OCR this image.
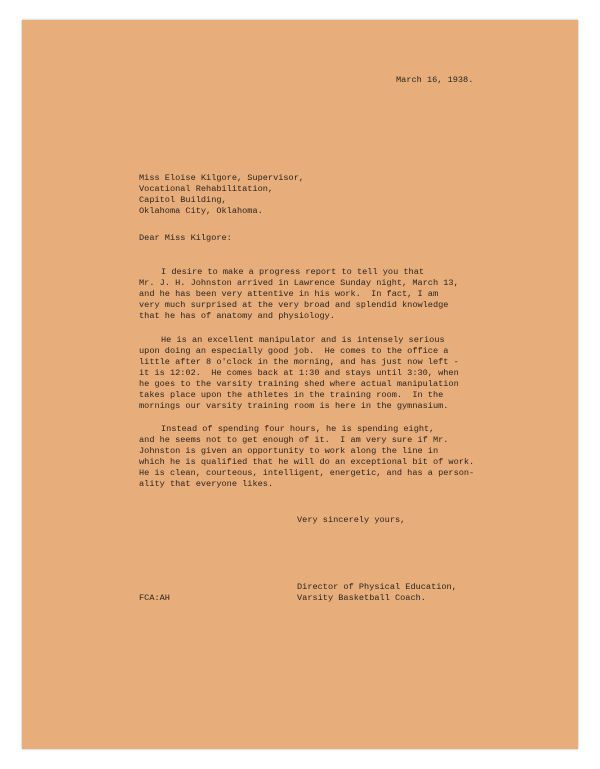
March 16, 1938.
Miss Eloise Kilgore, Supervisor,
Vocational Rehabilitation,
Capitol Building,
Oklahoma City, Oklahoma.
Dear Miss Kilgore:
I desire to make a progress report to tell you that
Mr. J. H. Johnston arrived in Lawrence Sunday night, March 13,
and he has been very attentive in his work.  In fact, I am
very much surprised at the very broad and splendid knowledge
that he has of anatomy and physiology.
He is an excellent manipulator and is intensely serious
upon doing an especially good job.  He comes to the office a
little after 8 o'clock in the morning, and has just now left -
it is 12:02.  He comes back at 1:30 and stays until 3:30, when
he goes to the varsity training shed where actual manipulation
takes place upon the athletes in the training room.  In the
mornings our varsity training room is here in the gymnasium.
Instead of spending four hours, he is spending eight,
and he seems not to get enough of it.  I am very sure if Mr.
Johnston is given an opportunity to work along the line in
which he is qualified that he will do an exceptional bit of work.
He is clean, courteous, intelligent, energetic, and has a person-
ality that everyone likes.
Very sincerely yours,
Director of Physical Education,
Varsity Basketball Coach.
FCA:AH
